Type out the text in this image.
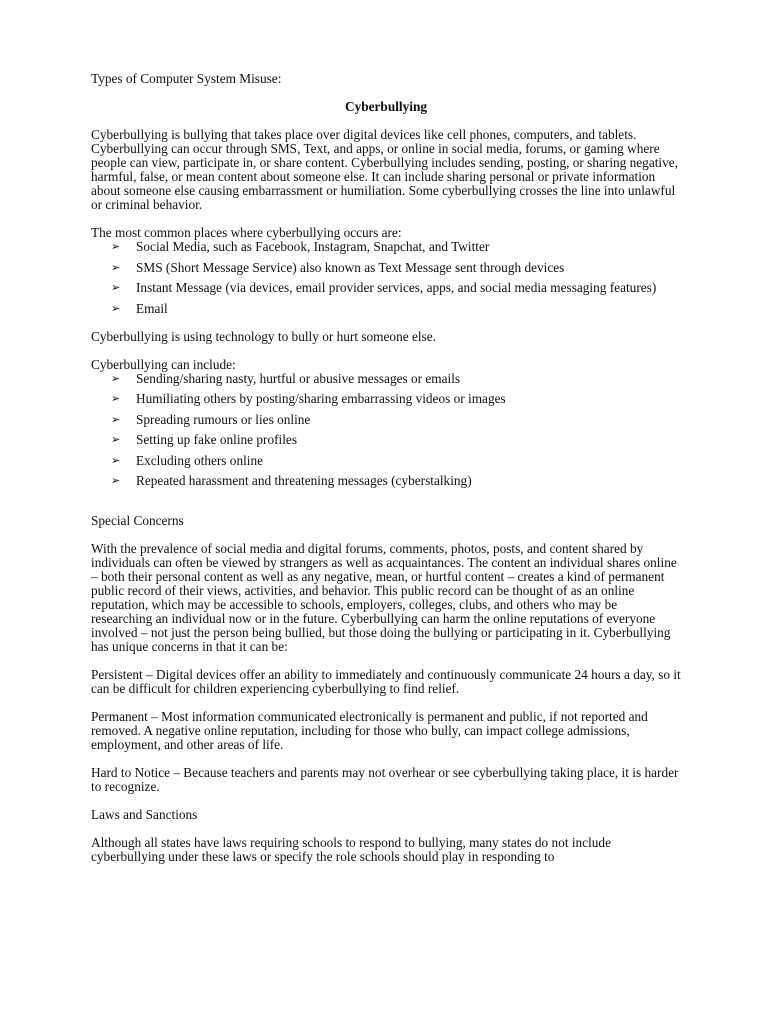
Types of Computer System Misuse:

Cyberbullying

Cyberbullying is bullying that takes place over digital devices like cell phones, computers, and tablets. Cyberbullying can occur through SMS, Text, and apps, or online in social media, forums, or gaming where people can view, participate in, or share content. Cyberbullying includes sending, posting, or sharing negative, harmful, false, or mean content about someone else. It can include sharing personal or private information about someone else causing embarrassment or humiliation. Some cyberbullying crosses the line into unlawful or criminal behavior.

The most common places where cyberbullying occurs are:

➢ Social Media, such as Facebook, Instagram, Snapchat, and Twitter
➢ SMS (Short Message Service) also known as Text Message sent through devices
➢ Instant Message (via devices, email provider services, apps, and social media messaging features)
➢ Email

Cyberbullying is using technology to bully or hurt someone else.

Cyberbullying can include:

➢ Sending/sharing nasty, hurtful or abusive messages or emails
➢ Humiliating others by posting/sharing embarrassing videos or images
➢ Spreading rumours or lies online
➢ Setting up fake online profiles
➢ Excluding others online
➢ Repeated harassment and threatening messages (cyberstalking)

Special Concerns

With the prevalence of social media and digital forums, comments, photos, posts, and content shared by individuals can often be viewed by strangers as well as acquaintances. The content an individual shares online – both their personal content as well as any negative, mean, or hurtful content – creates a kind of permanent public record of their views, activities, and behavior. This public record can be thought of as an online reputation, which may be accessible to schools, employers, colleges, clubs, and others who may be researching an individual now or in the future. Cyberbullying can harm the online reputations of everyone involved – not just the person being bullied, but those doing the bullying or participating in it. Cyberbullying has unique concerns in that it can be:

Persistent – Digital devices offer an ability to immediately and continuously communicate 24 hours a day, so it can be difficult for children experiencing cyberbullying to find relief.

Permanent – Most information communicated electronically is permanent and public, if not reported and removed. A negative online reputation, including for those who bully, can impact college admissions, employment, and other areas of life.

Hard to Notice – Because teachers and parents may not overhear or see cyberbullying taking place, it is harder to recognize.

Laws and Sanctions

Although all states have laws requiring schools to respond to bullying, many states do not include cyberbullying under these laws or specify the role schools should play in responding to
